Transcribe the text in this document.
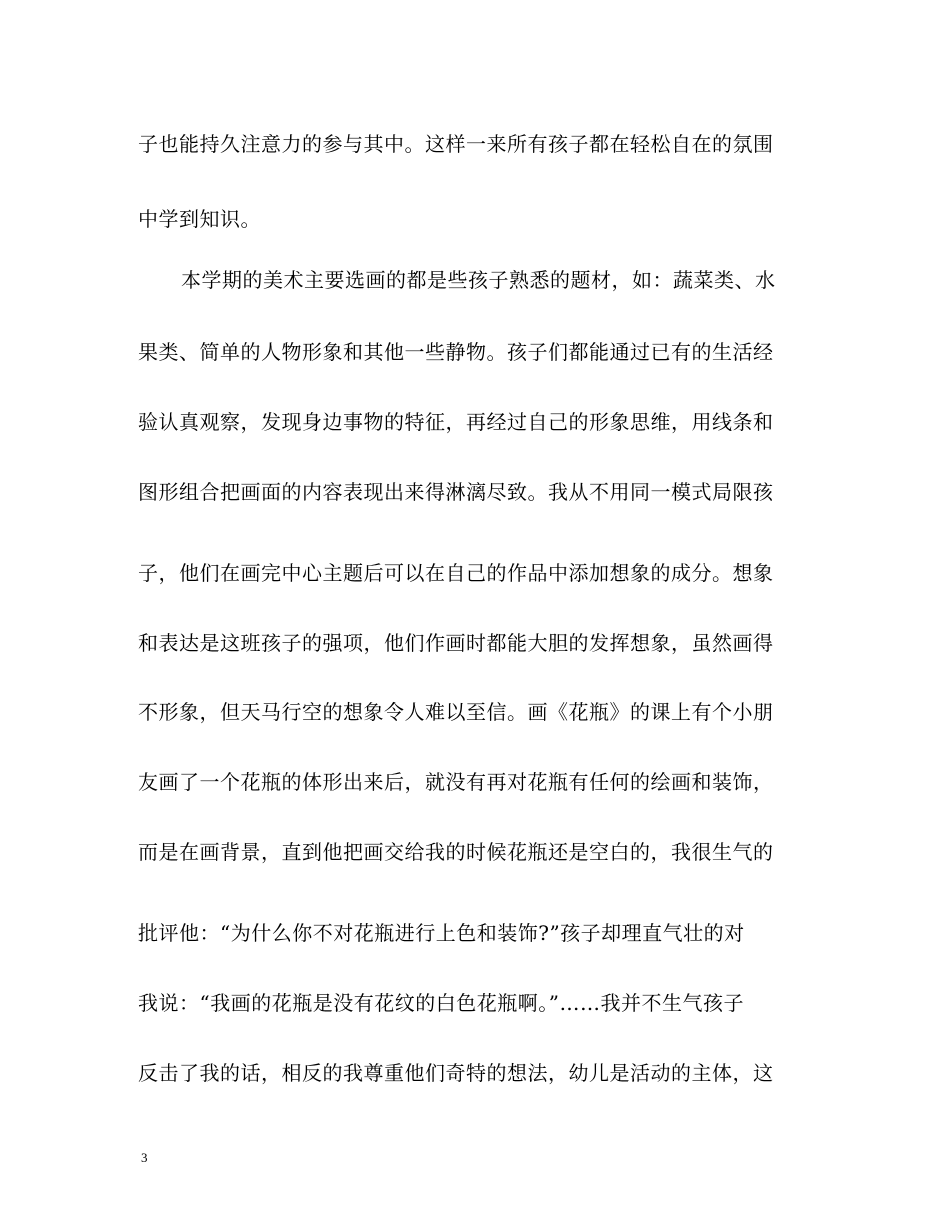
子也能持久注意力的参与其中。这样一来所有孩子都在轻松自在的氛围
中学到知识。
本学期的美术主要选画的都是些孩子熟悉的题材，如：蔬菜类、水
果类、简单的人物形象和其他一些静物。孩子们都能通过已有的生活经
验认真观察，发现身边事物的特征，再经过自己的形象思维，用线条和
图形组合把画面的内容表现出来得淋漓尽致。我从不用同一模式局限孩
子，他们在画完中心主题后可以在自己的作品中添加想象的成分。想象
和表达是这班孩子的强项，他们作画时都能大胆的发挥想象，虽然画得
不形象，但天马行空的想象令人难以至信。画《花瓶》的课上有个小朋
友画了一个花瓶的体形出来后，就没有再对花瓶有任何的绘画和装饰，
而是在画背景，直到他把画交给我的时候花瓶还是空白的，我很生气的
批评他：“为什么你不对花瓶进行上色和装饰?”孩子却理直气壮的对
我说：“我画的花瓶是没有花纹的白色花瓶啊。”……我并不生气孩子
反击了我的话，相反的我尊重他们奇特的想法，幼儿是活动的主体，这
3
